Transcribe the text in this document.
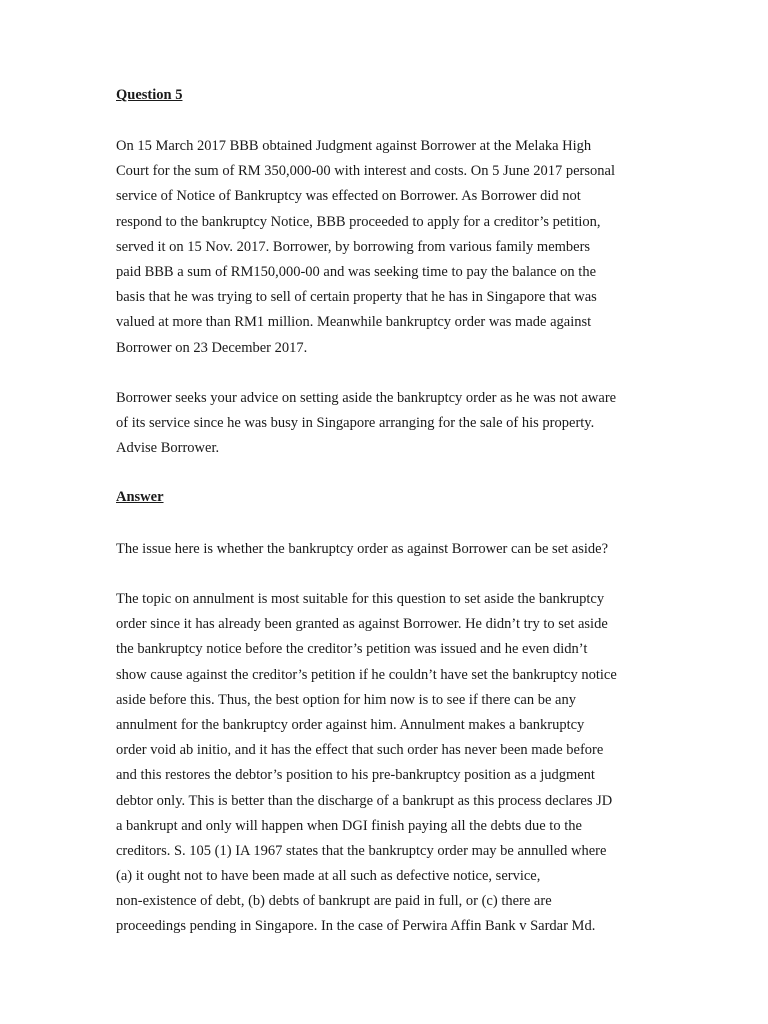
Question 5
On 15 March 2017 BBB obtained Judgment against Borrower at the Melaka High
Court for the sum of RM 350,000-00 with interest and costs. On 5 June 2017 personal
service of Notice of Bankruptcy was effected on Borrower. As Borrower did not
respond to the bankruptcy Notice, BBB proceeded to apply for a creditor’s petition,
served it on 15 Nov. 2017. Borrower, by borrowing from various family members
paid BBB a sum of RM150,000-00 and was seeking time to pay the balance on the
basis that he was trying to sell of certain property that he has in Singapore that was
valued at more than RM1 million. Meanwhile bankruptcy order was made against
Borrower on 23 December 2017.
Borrower seeks your advice on setting aside the bankruptcy order as he was not aware
of its service since he was busy in Singapore arranging for the sale of his property.
Advise Borrower.
Answer
The issue here is whether the bankruptcy order as against Borrower can be set aside?
The topic on annulment is most suitable for this question to set aside the bankruptcy
order since it has already been granted as against Borrower. He didn’t try to set aside
the bankruptcy notice before the creditor’s petition was issued and he even didn’t
show cause against the creditor’s petition if he couldn’t have set the bankruptcy notice
aside before this. Thus, the best option for him now is to see if there can be any
annulment for the bankruptcy order against him. Annulment makes a bankruptcy
order void ab initio, and it has the effect that such order has never been made before
and this restores the debtor’s position to his pre-bankruptcy position as a judgment
debtor only. This is better than the discharge of a bankrupt as this process declares JD
a bankrupt and only will happen when DGI finish paying all the debts due to the
creditors. S. 105 (1) IA 1967 states that the bankruptcy order may be annulled where
(a) it ought not to have been made at all such as defective notice, service,
non-existence of debt, (b) debts of bankrupt are paid in full, or (c) there are
proceedings pending in Singapore. In the case of Perwira Affin Bank v Sardar Md.
